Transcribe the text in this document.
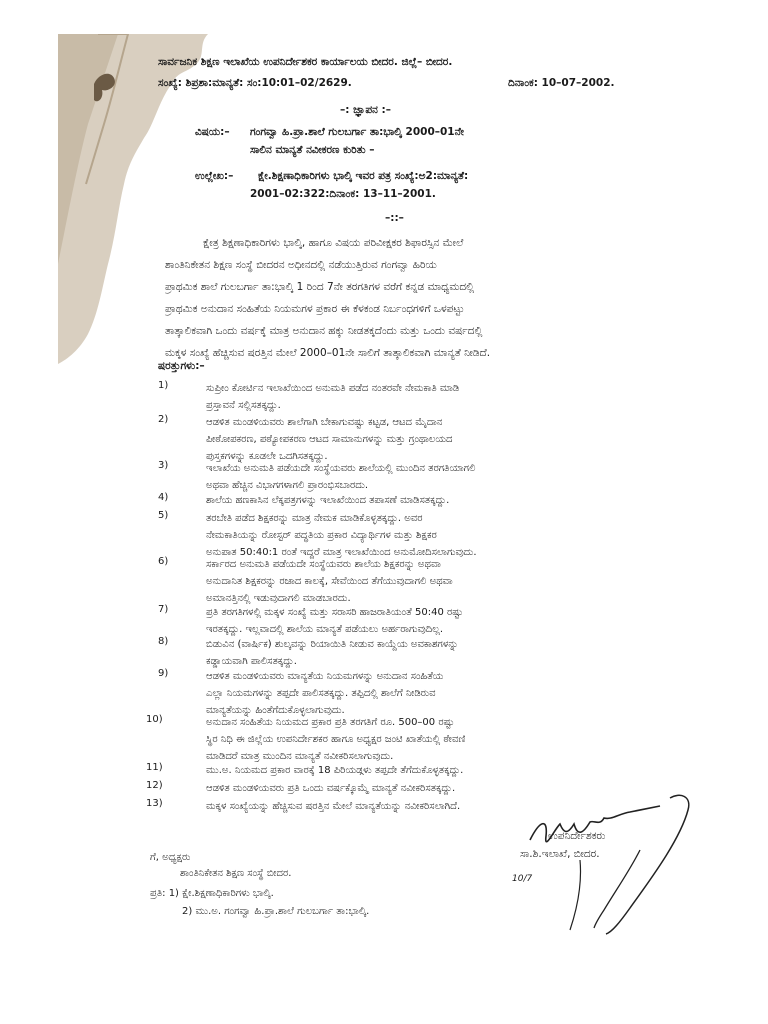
ಸಾರ್ವಜನಿಕ ಶಿಕ್ಷಣ ಇಲಾಖೆಯ ಉಪನಿರ್ದೇಶಕರ ಕಾರ್ಯಾಲಯ ಬೀದರ. ಜಿಲ್ಲೆ– ಬೀದರ.
ಸಂಖ್ಯೆ: ಶಿಪ್ರಶಾ:ಮಾನ್ಯತೆ: ಸಂ:10:01–02/2629.	ದಿನಾಂಕ: 10–07–2002.
–: ಜ್ಞಾಪನ :–
ವಿಷಯ:– ಗಂಗವ್ವಾ ಹಿ.ಪ್ರಾ.ಶಾಲೆ ಗುಲಬರ್ಗಾ ತಾ:ಭಾಲ್ಕಿ 2000–01ನೇ
ಸಾಲಿನ ಮಾನ್ಯತೆ ನವೀಕರಣ ಕುರಿತು –
ಉಲ್ಲೇಖ:– ಕ್ಷೇ.ಶಿಕ್ಷಣಾಧಿಕಾರಿಗಳು ಭಾಲ್ಕಿ ಇವರ ಪತ್ರ ಸಂಖ್ಯೆ:ಅ2:ಮಾನ್ಯತೆ:
2001–02:322:ದಿನಾಂಕ: 13–11–2001.
–::–

ಕ್ಷೇತ್ರ ಶಿಕ್ಷಣಾಧಿಕಾರಿಗಳು ಭಾಲ್ಕಿ, ಹಾಗೂ ವಿಷಯ ಪರಿವೀಕ್ಷಕರ ಶಿಫಾರಸ್ಸಿನ ಮೇಲೆ

ಶಾಂತಿನಿಕೇತನ ಶಿಕ್ಷಣ ಸಂಸ್ಥೆ ಬೀದರನ ಅಧೀನದಲ್ಲಿ ನಡೆಯುತ್ತಿರುವ ಗಂಗವ್ವಾ ಹಿರಿಯ

ಪ್ರಾಥಮಿಕ ಶಾಲೆ ಗುಲಬರ್ಗಾ ತಾ:ಭಾಲ್ಕಿ 1 ರಿಂದ 7ನೇ ತರಗತಿಗಳ ವರೆಗೆ ಕನ್ನಡ ಮಾಧ್ಯಮದಲ್ಲಿ

ಪ್ರಾಥಮಿಕ ಅನುದಾನ ಸಂಹಿತೆಯ ನಿಯಮಗಳ ಪ್ರಕಾರ ಈ ಕೆಳಕಂಡ ನಿರ್ಬಂಧಗಳಿಗೆ ಒಳಪಟ್ಟು

ತಾತ್ಕಾಲಿಕವಾಗಿ ಒಂದು ವರ್ಷಕ್ಕೆ ಮಾತ್ರ ಅನುದಾನ ಹಕ್ಕು ನೀಡತಕ್ಕದೆಂದು ಮತ್ತು ಒಂದು ವರ್ಷದಲ್ಲಿ

ಮಕ್ಕಳ ಸಂಖ್ಯೆ ಹೆಚ್ಚಿಸುವ ಷರತ್ತಿನ ಮೇಲೆ 2000–01ನೇ ಸಾಲಿಗೆ ತಾತ್ಕಾಲಿಕವಾಗಿ ಮಾನ್ಯತೆ ನೀಡಿದೆ.

ಷರತ್ತುಗಳು:–
1)	ಸುಪ್ರೀಂ ಕೋರ್ಟಿನ ಇಲಾಖೆಯಿಂದ ಅನುಮತಿ ಪಡೆದ ನಂತರವೇ ನೇಮಕಾತಿ ಮಾಡಿ
ಪ್ರಸ್ತಾವನೆ ಸಲ್ಲಿಸತಕ್ಕದ್ದು.
2)	ಆಡಳಿತ ಮಂಡಳಿಯವರು ಶಾಲೆಗಾಗಿ ಬೇಕಾಗುವಷ್ಟು ಕಟ್ಟಡ, ಆಟದ ಮೈದಾನ
ಪೀಠೋಪಕರಣ, ಪಠ್ಯೋಪಕರಣ ಆಟದ ಸಾಮಾನುಗಳನ್ನು ಮತ್ತು ಗ್ರಂಥಾಲಯದ
ಪುಸ್ತಕಗಳನ್ನು ಕೂಡಲೇ ಒದಗಿಸತಕ್ಕದ್ದು.
3)	ಇಲಾಖೆಯ ಅನುಮತಿ ಪಡೆಯದೇ ಸಂಸ್ಥೆಯವರು ಶಾಲೆಯಲ್ಲಿ ಮುಂದಿನ ತರಗತಿಯಾಗಲಿ
ಅಥವಾ ಹೆಚ್ಚಿನ ವಿಭಾಗಗಳಾಗಲಿ ಪ್ರಾರಂಭಿಸಬಾರದು.
4)	ಶಾಲೆಯ ಹಣಕಾಸಿನ ಲೆಕ್ಕಪತ್ರಗಳನ್ನು ಇಲಾಖೆಯಿಂದ ತಪಾಸಣೆ ಮಾಡಿಸತಕ್ಕದ್ದು.
5)	ತರಬೇತಿ ಪಡೆದ ಶಿಕ್ಷಕರನ್ನು ಮಾತ್ರ ನೇಮಕ ಮಾಡಿಕೊಳ್ಳತಕ್ಕದ್ದು. ಅವರ
ನೇಮಕಾತಿಯನ್ನು ರೋಸ್ಟರ್ ಪದ್ಧತಿಯ ಪ್ರಕಾರ ವಿದ್ಯಾರ್ಥಿಗಳ ಮತ್ತು ಶಿಕ್ಷಕರ
ಅನುಪಾತ 50:40:1 ರಂತೆ ಇದ್ದರೆ ಮಾತ್ರ ಇಲಾಖೆಯಿಂದ ಅನುಮೋದಿಸಲಾಗುವುದು.
6)	ಸರ್ಕಾರದ ಅನುಮತಿ ಪಡೆಯದೇ ಸಂಸ್ಥೆಯವರು ಶಾಲೆಯ ಶಿಕ್ಷಕರನ್ನು ಅಥವಾ
ಅನುದಾನಿತ ಶಿಕ್ಷಕರನ್ನು ರಜಾದ ಕಾಲಕ್ಕೆ, ಸೇವೆಯಿಂದ ತೆಗೆಯುವುದಾಗಲಿ ಅಥವಾ
ಅಮಾನತ್ತಿನಲ್ಲಿ ಇಡುವುದಾಗಲಿ ಮಾಡಬಾರದು.
7)	ಪ್ರತಿ ತರಗತಿಗಳಲ್ಲಿ ಮಕ್ಕಳ ಸಂಖ್ಯೆ ಮತ್ತು ಸರಾಸರಿ ಹಾಜರಾತಿಯಂತೆ 50:40 ರಷ್ಟು
ಇರತಕ್ಕದ್ದು. ಇಲ್ಲವಾದಲ್ಲಿ ಶಾಲೆಯ ಮಾನ್ಯತೆ ಪಡೆಯಲು ಅರ್ಹರಾಗುವುದಿಲ್ಲ.
8)	ಬಿಡುವಿನ (ವಾರ್ಷಿಕ) ಶುಲ್ಕವನ್ನು ರಿಯಾಯಿತಿ ನೀಡುವ ಕಾಯ್ದೆಯ ಅವಕಾಶಗಳನ್ನು
ಕಡ್ಡಾಯವಾಗಿ ಪಾಲಿಸತಕ್ಕದ್ದು.
9)	ಆಡಳಿತ ಮಂಡಳಿಯವರು ಮಾನ್ಯತೆಯ ನಿಯಮಗಳನ್ನು ಅನುದಾನ ಸಂಹಿತೆಯ
ಎಲ್ಲಾ ನಿಯಮಗಳನ್ನು ತಪ್ಪದೇ ಪಾಲಿಸತಕ್ಕದ್ದು. ತಪ್ಪಿದಲ್ಲಿ ಶಾಲೆಗೆ ನೀಡಿರುವ
ಮಾನ್ಯತೆಯನ್ನು ಹಿಂತೆಗೆದುಕೊಳ್ಳಲಾಗುವುದು.
10)	ಅನುದಾನ ಸಂಹಿತೆಯ ನಿಯಮದ ಪ್ರಕಾರ ಪ್ರತಿ ತರಗತಿಗೆ ರೂ. 500–00 ರಷ್ಟು
ಸ್ಥಿರ ನಿಧಿ ಈ ಜಿಲ್ಲೆಯ ಉಪನಿರ್ದೇಶಕರ ಹಾಗೂ ಅಧ್ಯಕ್ಷರ ಜಂಟಿ ಖಾತೆಯಲ್ಲಿ ಠೇವಣಿ
ಮಾಡಿದರೆ ಮಾತ್ರ ಮುಂದಿನ ಮಾನ್ಯತೆ ನವೀಕರಿಸಲಾಗುವುದು.
11)	ಮು.ಅ. ನಿಯಮದ ಪ್ರಕಾರ ವಾರಕ್ಕೆ 18 ಪಿರಿಯಡ್ಗಳು ತಪ್ಪದೇ ತೆಗೆದುಕೊಳ್ಳತಕ್ಕದ್ದು.
12)	ಆಡಳಿತ ಮಂಡಳಿಯವರು ಪ್ರತಿ ಒಂದು ವರ್ಷಕ್ಕೊಮ್ಮೆ ಮಾನ್ಯತೆ ನವೀಕರಿಸತಕ್ಕದ್ದು.
13)	ಮಕ್ಕಳ ಸಂಖ್ಯೆಯನ್ನು ಹೆಚ್ಚಿಸುವ ಷರತ್ತಿನ ಮೇಲೆ ಮಾನ್ಯತೆಯನ್ನು ನವೀಕರಿಸಲಾಗಿದೆ.
ಉಪನಿರ್ದೇಶಕರು
ಸಾ.ಶಿ.ಇಲಾಖೆ, ಬೀದರ.
10/7
ಗೆ, ಅಧ್ಯಕ್ಷರು
ಶಾಂತಿನಿಕೇತನ ಶಿಕ್ಷಣ ಸಂಸ್ಥೆ ಬೀದರ.
ಪ್ರತಿ: 1) ಕ್ಷೇ.ಶಿಕ್ಷಣಾಧಿಕಾರಿಗಳು ಭಾಲ್ಕಿ.
2) ಮು.ಅ. ಗಂಗವ್ವಾ ಹಿ.ಪ್ರಾ.ಶಾಲೆ ಗುಲಬರ್ಗಾ ತಾ:ಭಾಲ್ಕಿ.
